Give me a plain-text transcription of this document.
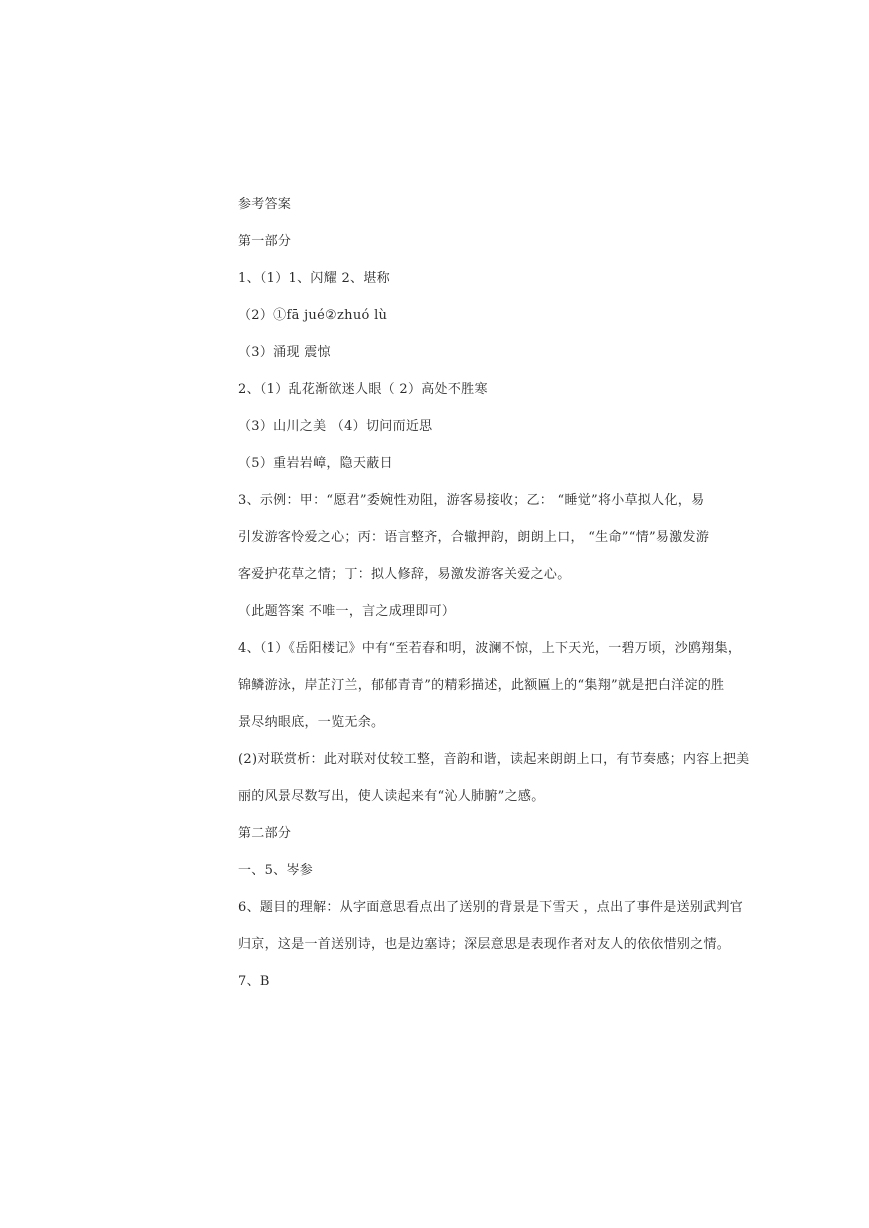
参考答案
第一部分
1、（1）1、闪耀 2、堪称
（2）①fā jué②zhuó lù
（3）涌现 震惊
2、（1）乱花渐欲迷人眼（ 2）高处不胜寒
（3）山川之美 （4）切问而近思
（5）重岩岩嶂，隐天蔽日
3、示例：甲：“愿君”委婉性劝阻，游客易接收；乙： “睡觉”将小草拟人化，易
引发游客怜爱之心；丙：语言整齐，合辙押韵，朗朗上口， “生命”“情”易激发游
客爱护花草之情；丁：拟人修辞，易激发游客关爱之心。
（此题答案 不唯一，言之成理即可）
4、（1）《岳阳楼记》中有“至若春和明，波澜不惊，上下天光，一碧万顷，沙鸥翔集，
锦鳞游泳，岸芷汀兰，郁郁青青”的精彩描述，此额匾上的“集翔”就是把白洋淀的胜
景尽纳眼底，一览无余。
(2)对联赏析：此对联对仗较工整，音韵和谐，读起来朗朗上口，有节奏感；内容上把美
丽的风景尽数写出，使人读起来有“沁人肺腑”之感。
第二部分
一、5、岑参
6、题目的理解：从字面意思看点出了送别的背景是下雪天 ，点出了事件是送别武判官
归京，这是一首送别诗，也是边塞诗；深层意思是表现作者对友人的依依惜别之情。
7、B
